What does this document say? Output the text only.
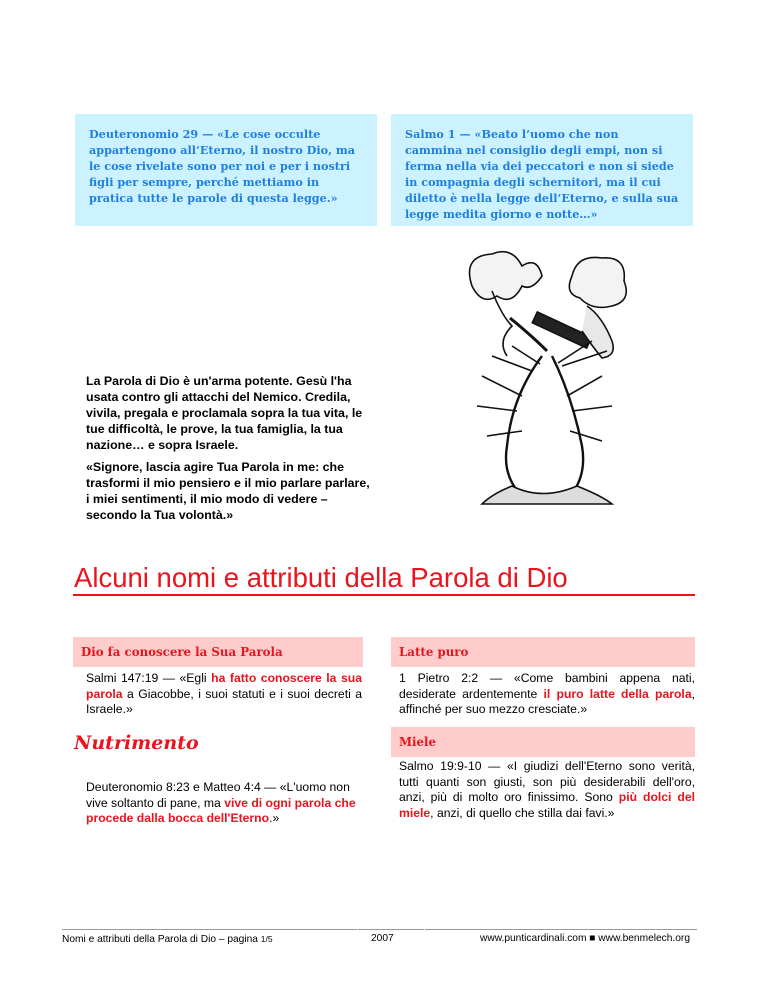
Deuteronomio 29 — «Le cose occulte appartengono all’Eterno, il nostro Dio, ma le cose rivelate sono per noi e per i nostri figli per sempre, perché mettiamo in pratica tutte le parole di questa legge.»
Salmo 1 — «Beato l’uomo che non cammina nel consiglio degli empi, non si ferma nella via dei peccatori e non si siede in compagnia degli schernitori, ma il cui diletto è nella legge dell’Eterno, e sulla sua legge medita giorno e notte…»

La Parola di Dio è un'arma potente. Gesù l'ha usata contro gli attacchi del Nemico. Credila, vivila, pregala e proclamala sopra la tua vita, le tue difficoltà, le prove, la tua famiglia, la tua nazione… e sopra Israele.

«Signore, lascia agire Tua Parola in me: che trasformi il mio pensiero e il mio parlare parlare, i miei sentimenti, il mio modo di vedere – secondo la Tua volontà.»

Alcuni nomi e attributi della Parola di Dio
Dio fa conoscere la Sua Parola	Latte puro
Miele

Salmi 147:19 — «Egli ha fatto conoscere la sua parola a Giacobbe, i suoi statuti e i suoi decreti a Israele.»

1 Pietro 2:2 — «Come bambini appena nati, desiderate ardentemente il puro latte della parola, affinché per suo mezzo cresciate.»

Nutrimento

Deuteronomio 8:23 e Matteo 4:4 — «L'uomo non vive soltanto di pane, ma vive di ogni parola che procede dalla bocca dell'Eterno.»

Salmo 19:9-10 — «I giudizi dell'Eterno sono verità, tutti quanti son giusti, son più desiderabili dell'oro, anzi, più di molto oro finissimo. Sono più dolci del miele, anzi, di quello che stilla dai favi.»

Nomi e attributi della Parola di Dio – pagina 1/5	2007	www.punticardinali.com ■ www.benmelech.org
